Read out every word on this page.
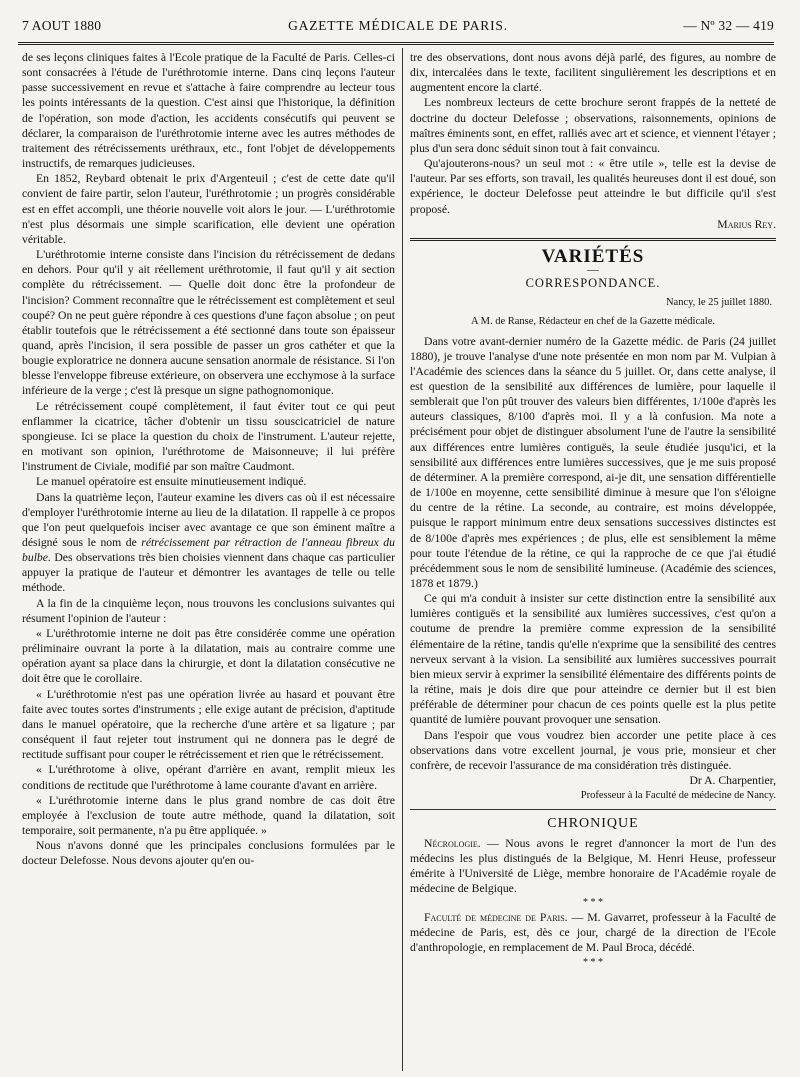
7 AOUT 1880	GAZETTE MÉDICALE DE PARIS.	— Nº 32 — 419

de ses leçons cliniques faites à l'Ecole pratique de la Faculté de Paris. Celles-ci sont consacrées à l'étude de l'uréthrotomie interne. Dans cinq leçons l'auteur passe successivement en revue et s'attache à faire comprendre au lecteur tous les points intéressants de la question. C'est ainsi que l'historique, la définition de l'opération, son mode d'action, les accidents consécutifs qui peuvent se déclarer, la comparaison de l'uréthrotomie interne avec les autres méthodes de traitement des rétrécissements uréthraux, etc., font l'objet de développements instructifs, de remarques judicieuses.

En 1852, Reybard obtenait le prix d'Argenteuil ; c'est de cette date qu'il convient de faire partir, selon l'auteur, l'uréthrotomie ; un progrès considérable est en effet accompli, une théorie nouvelle voit alors le jour. — L'uréthrotomie n'est plus désormais une simple scarification, elle devient une opération véritable.

L'uréthrotomie interne consiste dans l'incision du rétrécissement de dedans en dehors. Pour qu'il y ait réellement uréthrotomie, il faut qu'il y ait section complète du rétrécissement. — Quelle doit donc être la profondeur de l'incision? Comment reconnaître que le rétrécissement est complètement et seul coupé? On ne peut guère répondre à ces questions d'une façon absolue ; on peut établir toutefois que le rétrécissement a été sectionné dans toute son épaisseur quand, après l'incision, il sera possible de passer un gros cathéter et que la bougie exploratrice ne donnera aucune sensation anormale de résistance. Si l'on blesse l'enveloppe fibreuse extérieure, on observera une ecchymose à la surface inférieure de la verge ; c'est là presque un signe pathognomonique.

Le rétrécissement coupé complètement, il faut éviter tout ce qui peut enflammer la cicatrice, tâcher d'obtenir un tissu souscicatriciel de nature spongieuse. Ici se place la question du choix de l'instrument. L'auteur rejette, en motivant son opinion, l'uréthrotome de Maisonneuve; il lui préfère l'instrument de Civiale, modifié par son maître Caudmont.

Le manuel opératoire est ensuite minutieusement indiqué.

Dans la quatrième leçon, l'auteur examine les divers cas où il est nécessaire d'employer l'uréthrotomie interne au lieu de la dilatation. Il rappelle à ce propos que l'on peut quelquefois inciser avec avantage ce que son éminent maître a désigné sous le nom de rétrécissement par rétraction de l'anneau fibreux du bulbe. Des observations très bien choisies viennent dans chaque cas particulier appuyer la pratique de l'auteur et démontrer les avantages de telle ou telle méthode.

A la fin de la cinquième leçon, nous trouvons les conclusions suivantes qui résument l'opinion de l'auteur :

« L'uréthrotomie interne ne doit pas être considérée comme une opération préliminaire ouvrant la porte à la dilatation, mais au contraire comme une opération ayant sa place dans la chirurgie, et dont la dilatation consécutive ne doit être que le corollaire.

« L'uréthrotomie n'est pas une opération livrée au hasard et pouvant être faite avec toutes sortes d'instruments ; elle exige autant de précision, d'aptitude dans le manuel opératoire, que la recherche d'une artère et sa ligature ; par conséquent il faut rejeter tout instrument qui ne donnera pas le degré de rectitude suffisant pour couper le rétrécissement et rien que le rétrécissement.

« L'uréthrotome à olive, opérant d'arrière en avant, remplit mieux les conditions de rectitude que l'uréthrotome à lame courante d'avant en arrière.

« L'uréthrotomie interne dans le plus grand nombre de cas doit être employée à l'exclusion de toute autre méthode, quand la dilatation, soit temporaire, soit permanente, n'a pu être appliquée. »

Nous n'avons donné que les principales conclusions formulées par le docteur Delefosse. Nous devons ajouter qu'en ou-

tre des observations, dont nous avons déjà parlé, des figures, au nombre de dix, intercalées dans le texte, facilitent singulièrement les descriptions et en augmentent encore la clarté.

Les nombreux lecteurs de cette brochure seront frappés de la netteté de doctrine du docteur Delefosse ; observations, raisonnements, opinions de maîtres éminents sont, en effet, ralliés avec art et science, et viennent l'étayer ; plus d'un sera donc séduit sinon tout à fait convaincu.

Qu'ajouterons-nous? un seul mot : « être utile », telle est la devise de l'auteur. Par ses efforts, son travail, les qualités heureuses dont il est doué, son expérience, le docteur Delefosse peut atteindre le but difficile qu'il s'est proposé.

Marius Rey.

VARIÉTÉS
—
CORRESPONDANCE.
Nancy, le 25 juillet 1880.
A M. de Ranse, Rédacteur en chef de la Gazette médicale.

Dans votre avant-dernier numéro de la Gazette médic. de Paris (24 juillet 1880), je trouve l'analyse d'une note présentée en mon nom par M. Vulpian à l'Académie des sciences dans la séance du 5 juillet. Or, dans cette analyse, il est question de la sensibilité aux différences de lumière, pour laquelle il semblerait que l'on pût trouver des valeurs bien différentes, 1/100e d'après les auteurs classiques, 8/100 d'après moi. Il y a là confusion. Ma note a précisément pour objet de distinguer absolument l'une de l'autre la sensibilité aux différences entre lumières contiguës, la seule étudiée jusqu'ici, et la sensibilité aux différences entre lumières successives, que je me suis proposé de déterminer. A la première correspond, ai-je dit, une sensation différentielle de 1/100e en moyenne, cette sensibilité diminue à mesure que l'on s'éloigne du centre de la rétine. La seconde, au contraire, est moins développée, puisque le rapport minimum entre deux sensations successives distinctes est de 8/100e d'après mes expériences ; de plus, elle est sensiblement la même pour toute l'étendue de la rétine, ce qui la rapproche de ce que j'ai étudié précédemment sous le nom de sensibilité lumineuse. (Académie des sciences, 1878 et 1879.)

Ce qui m'a conduit à insister sur cette distinction entre la sensibilité aux lumières contiguës et la sensibilité aux lumières successives, c'est qu'on a coutume de prendre la première comme expression de la sensibilité élémentaire de la rétine, tandis qu'elle n'exprime que la sensibilité des centres nerveux servant à la vision. La sensibilité aux lumières successives pourrait bien mieux servir à exprimer la sensibilité élémentaire des différents points de la rétine, mais je dois dire que pour atteindre ce dernier but il est bien préférable de déterminer pour chacun de ces points quelle est la plus petite quantité de lumière pouvant provoquer une sensation.

Dans l'espoir que vous voudrez bien accorder une petite place à ces observations dans votre excellent journal, je vous prie, monsieur et cher confrère, de recevoir l'assurance de ma considération très distinguée.

Dr A. Charpentier,

Professeur à la Faculté de médecine de Nancy.

CHRONIQUE

Nécrologie. — Nous avons le regret d'annoncer la mort de l'un des médecins les plus distingués de la Belgique, M. Henri Heuse, professeur émérite à l'Université de Liège, membre honoraire de l'Académie royale de médecine de Belgique.

* * *

Faculté de médecine de Paris. — M. Gavarret, professeur à la Faculté de médecine de Paris, est, dès ce jour, chargé de la direction de l'Ecole d'anthropologie, en remplacement de M. Paul Broca, décédé.

* * *
